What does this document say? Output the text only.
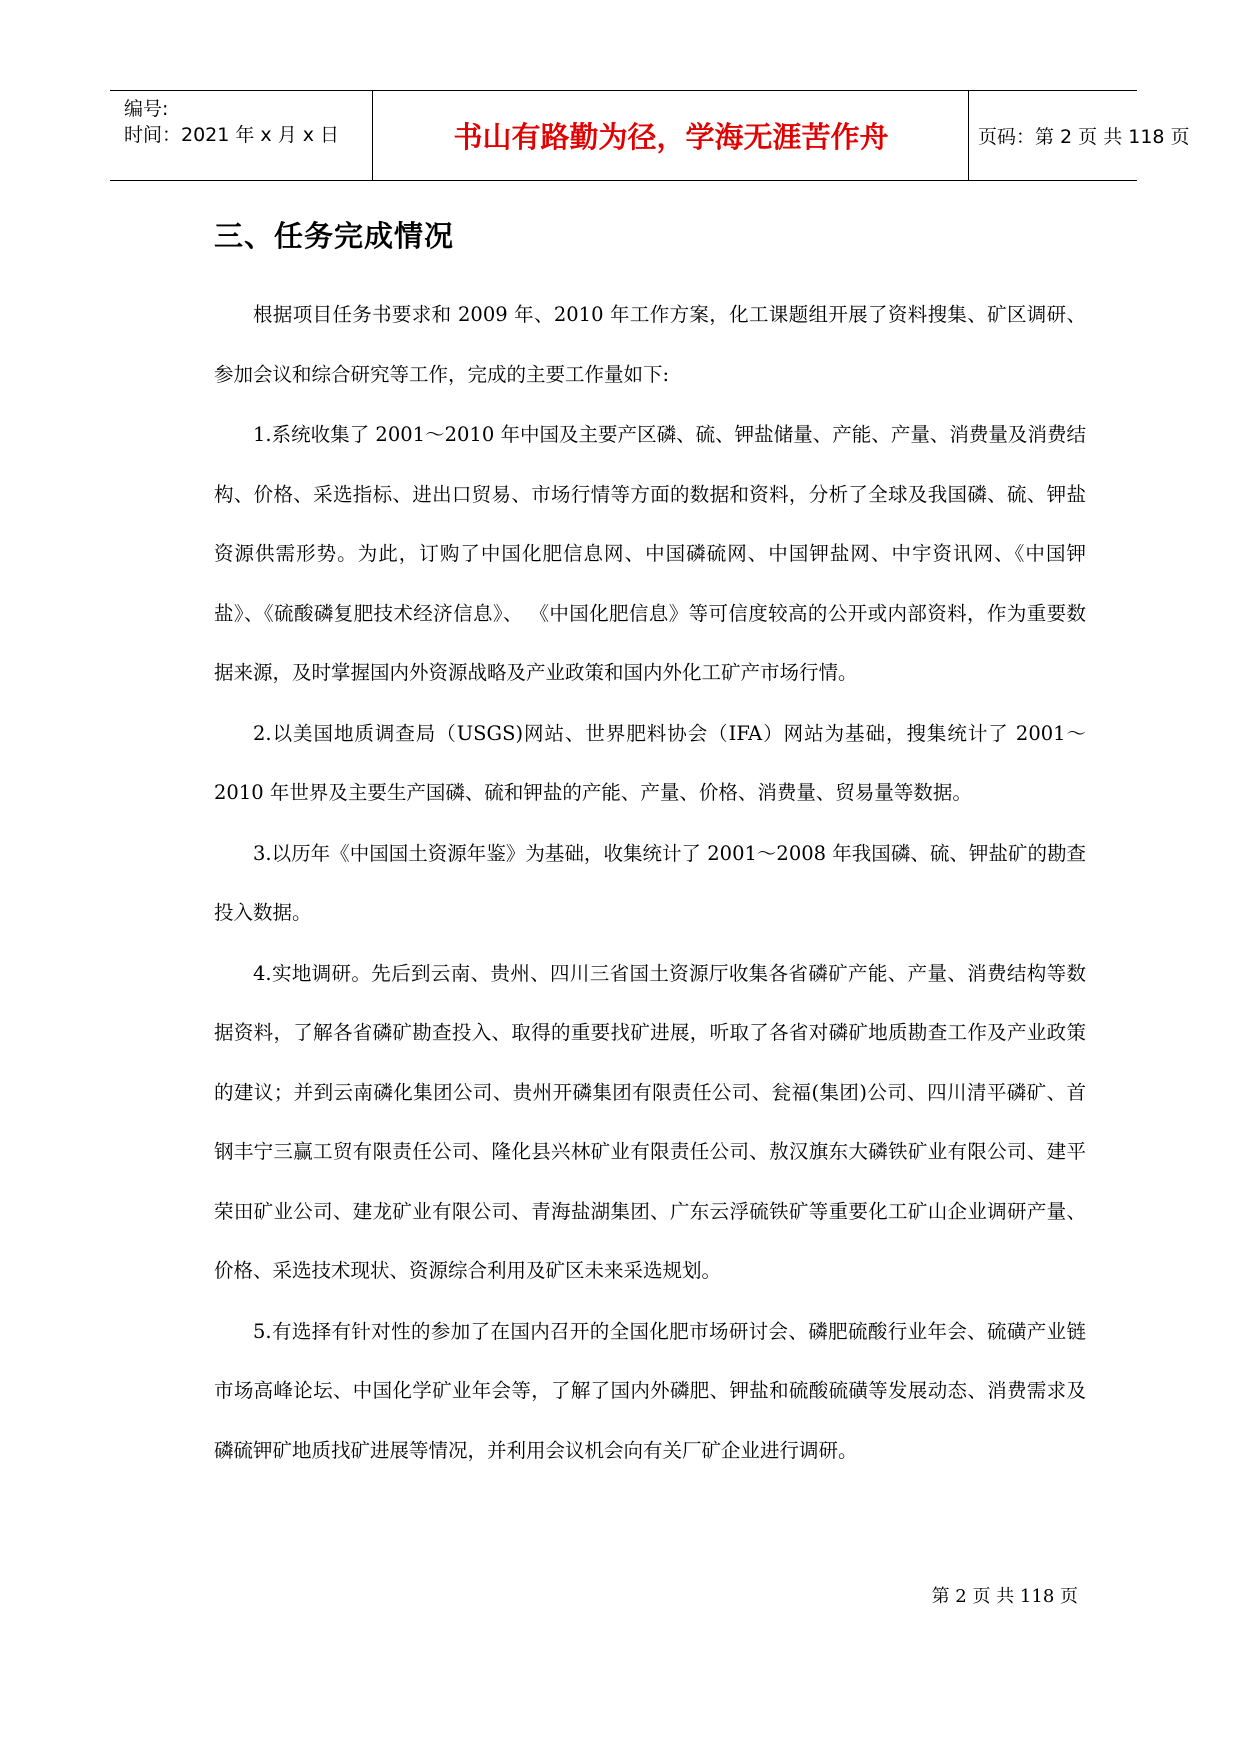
编号:
时间：2021 年 x 月 x 日	书山有路勤为径，学海无涯苦作舟	页码：第 2 页 共 118 页
三、任务完成情况

根据项目任务书要求和 2009 年、2010 年工作方案，化工课题组开展了资料搜集、矿区调研、参加会议和综合研究等工作，完成的主要工作量如下:

1.系统收集了 2001～2010 年中国及主要产区磷、硫、钾盐储量、产能、产量、消费量及消费结构、价格、采选指标、进出口贸易、市场行情等方面的数据和资料，分析了全球及我国磷、硫、钾盐资源供需形势。为此，订购了中国化肥信息网、中国磷硫网、中国钾盐网、中宇资讯网、《中国钾盐》、《硫酸磷复肥技术经济信息》、 《中国化肥信息》等可信度较高的公开或内部资料，作为重要数据来源，及时掌握国内外资源战略及产业政策和国内外化工矿产市场行情。

2.以美国地质调查局（USGS)网站、世界肥料协会（IFA）网站为基础，搜集统计了 2001～2010 年世界及主要生产国磷、硫和钾盐的产能、产量、价格、消费量、贸易量等数据。

3.以历年《中国国土资源年鉴》为基础，收集统计了 2001～2008 年我国磷、硫、钾盐矿的勘查投入数据。

4.实地调研。先后到云南、贵州、四川三省国土资源厅收集各省磷矿产能、产量、消费结构等数据资料，了解各省磷矿勘查投入、取得的重要找矿进展，听取了各省对磷矿地质勘查工作及产业政策的建议；并到云南磷化集团公司、贵州开磷集团有限责任公司、瓮福(集团)公司、四川清平磷矿、首钢丰宁三赢工贸有限责任公司、隆化县兴林矿业有限责任公司、敖汉旗东大磷铁矿业有限公司、建平荣田矿业公司、建龙矿业有限公司、青海盐湖集团、广东云浮硫铁矿等重要化工矿山企业调研产量、价格、采选技术现状、资源综合利用及矿区未来采选规划。

5.有选择有针对性的参加了在国内召开的全国化肥市场研讨会、磷肥硫酸行业年会、硫磺产业链市场高峰论坛、中国化学矿业年会等，了解了国内外磷肥、钾盐和硫酸硫磺等发展动态、消费需求及磷硫钾矿地质找矿进展等情况，并利用会议机会向有关厂矿企业进行调研。

第 2 页 共 118 页
